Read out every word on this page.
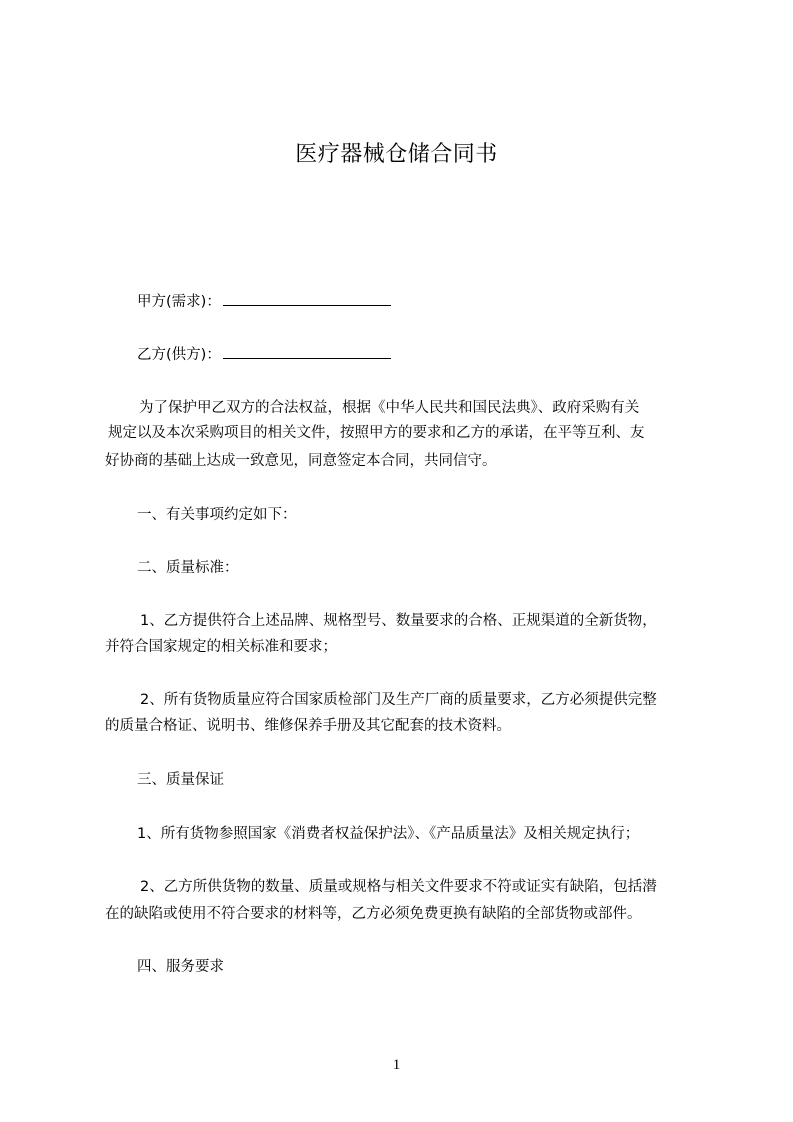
医疗器械仓储合同书
甲方(需求)：
乙方(供方)：
为了保护甲乙双方的合法权益，根据《中华人民共和国民法典》、政府采购有关
规定以及本次采购项目的相关文件，按照甲方的要求和乙方的承诺，在平等互利、友
好协商的基础上达成一致意见，同意签定本合同，共同信守。
一、有关事项约定如下：
二、质量标准：
1、乙方提供符合上述品牌、规格型号、数量要求的合格、正规渠道的全新货物，
并符合国家规定的相关标准和要求；
2、所有货物质量应符合国家质检部门及生产厂商的质量要求，乙方必须提供完整
的质量合格证、说明书、维修保养手册及其它配套的技术资料。
三、质量保证
1、所有货物参照国家《消费者权益保护法》、《产品质量法》及相关规定执行；
2、乙方所供货物的数量、质量或规格与相关文件要求不符或证实有缺陷，包括潜
在的缺陷或使用不符合要求的材料等，乙方必须免费更换有缺陷的全部货物或部件。
四、服务要求
1
